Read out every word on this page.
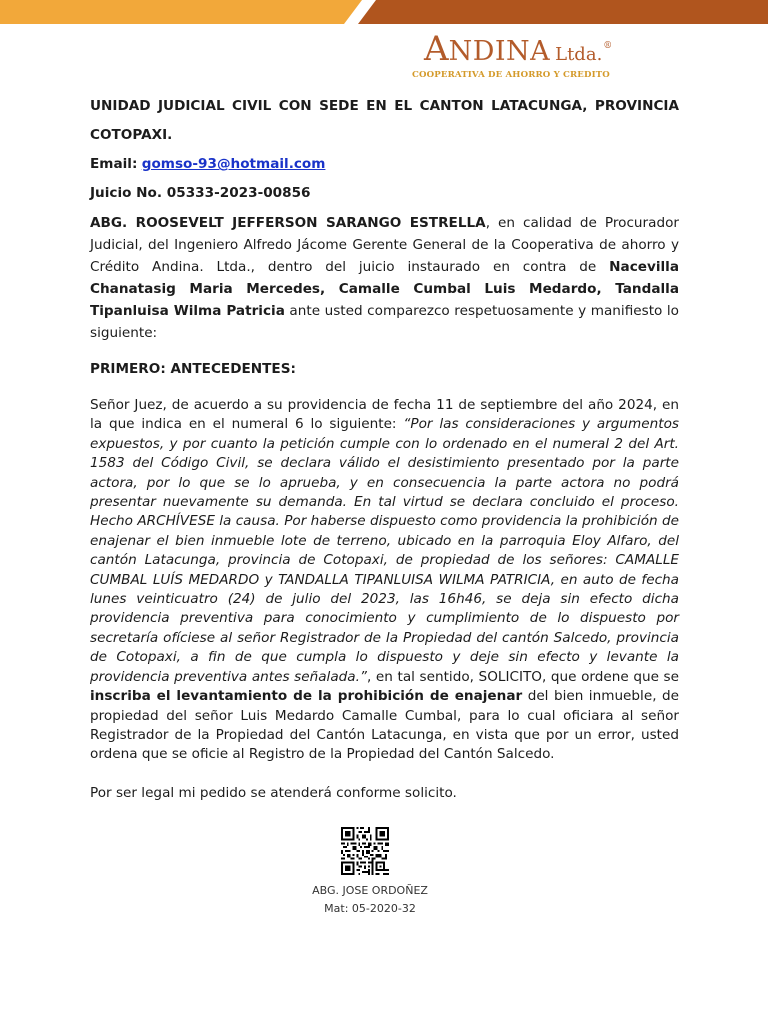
ANDINA Ltda.®
COOPERATIVA DE AHORRO Y CREDITO

UNIDAD JUDICIAL CIVIL CON SEDE EN EL CANTON LATACUNGA, PROVINCIA

COTOPAXI.

Email: gomso-93@hotmail.com

Juicio No. 05333-2023-00856

ABG. ROOSEVELT JEFFERSON SARANGO ESTRELLA, en calidad de Procurador Judicial, del Ingeniero Alfredo Jácome Gerente General de la Cooperativa de ahorro y Crédito Andina. Ltda., dentro del juicio instaurado en contra de Nacevilla Chanatasig Maria Mercedes, Camalle Cumbal Luis Medardo, Tandalla Tipanluisa Wilma Patricia ante usted comparezco respetuosamente y manifiesto lo siguiente:

PRIMERO: ANTECEDENTES:

Señor Juez, de acuerdo a su providencia de fecha 11 de septiembre del año 2024, en la que indica en el numeral 6 lo siguiente: “Por las consideraciones y argumentos expuestos, y por cuanto la petición cumple con lo ordenado en el numeral 2 del Art. 1583 del Código Civil, se declara válido el desistimiento presentado por la parte actora, por lo que se lo aprueba, y en consecuencia la parte actora no podrá presentar nuevamente su demanda. En tal virtud se declara concluido el proceso. Hecho ARCHÍVESE la causa. Por haberse dispuesto como providencia la prohibición de enajenar el bien inmueble lote de terreno, ubicado en la parroquia Eloy Alfaro, del cantón Latacunga, provincia de Cotopaxi, de propiedad de los señores: CAMALLE CUMBAL LUÍS MEDARDO y TANDALLA TIPANLUISA WILMA PATRICIA, en auto de fecha lunes veinticuatro (24) de julio del 2023, las 16h46, se deja sin efecto dicha providencia preventiva para conocimiento y cumplimiento de lo dispuesto por secretaría ofíciese al señor Registrador de la Propiedad del cantón Salcedo, provincia de Cotopaxi, a fin de que cumpla lo dispuesto y deje sin efecto y levante la providencia preventiva antes señalada.”, en tal sentido, SOLICITO, que ordene que se inscriba el levantamiento de la prohibición de enajenar del bien inmueble, de propiedad del señor Luis Medardo Camalle Cumbal, para lo cual oficiara al señor Registrador de la Propiedad del Cantón Latacunga, en vista que por un error, usted ordena que se oficie al Registro de la Propiedad del Cantón Salcedo.

Por ser legal mi pedido se atenderá conforme solicito.

ABG. JOSE ORDOÑEZ
Mat: 05-2020-32
